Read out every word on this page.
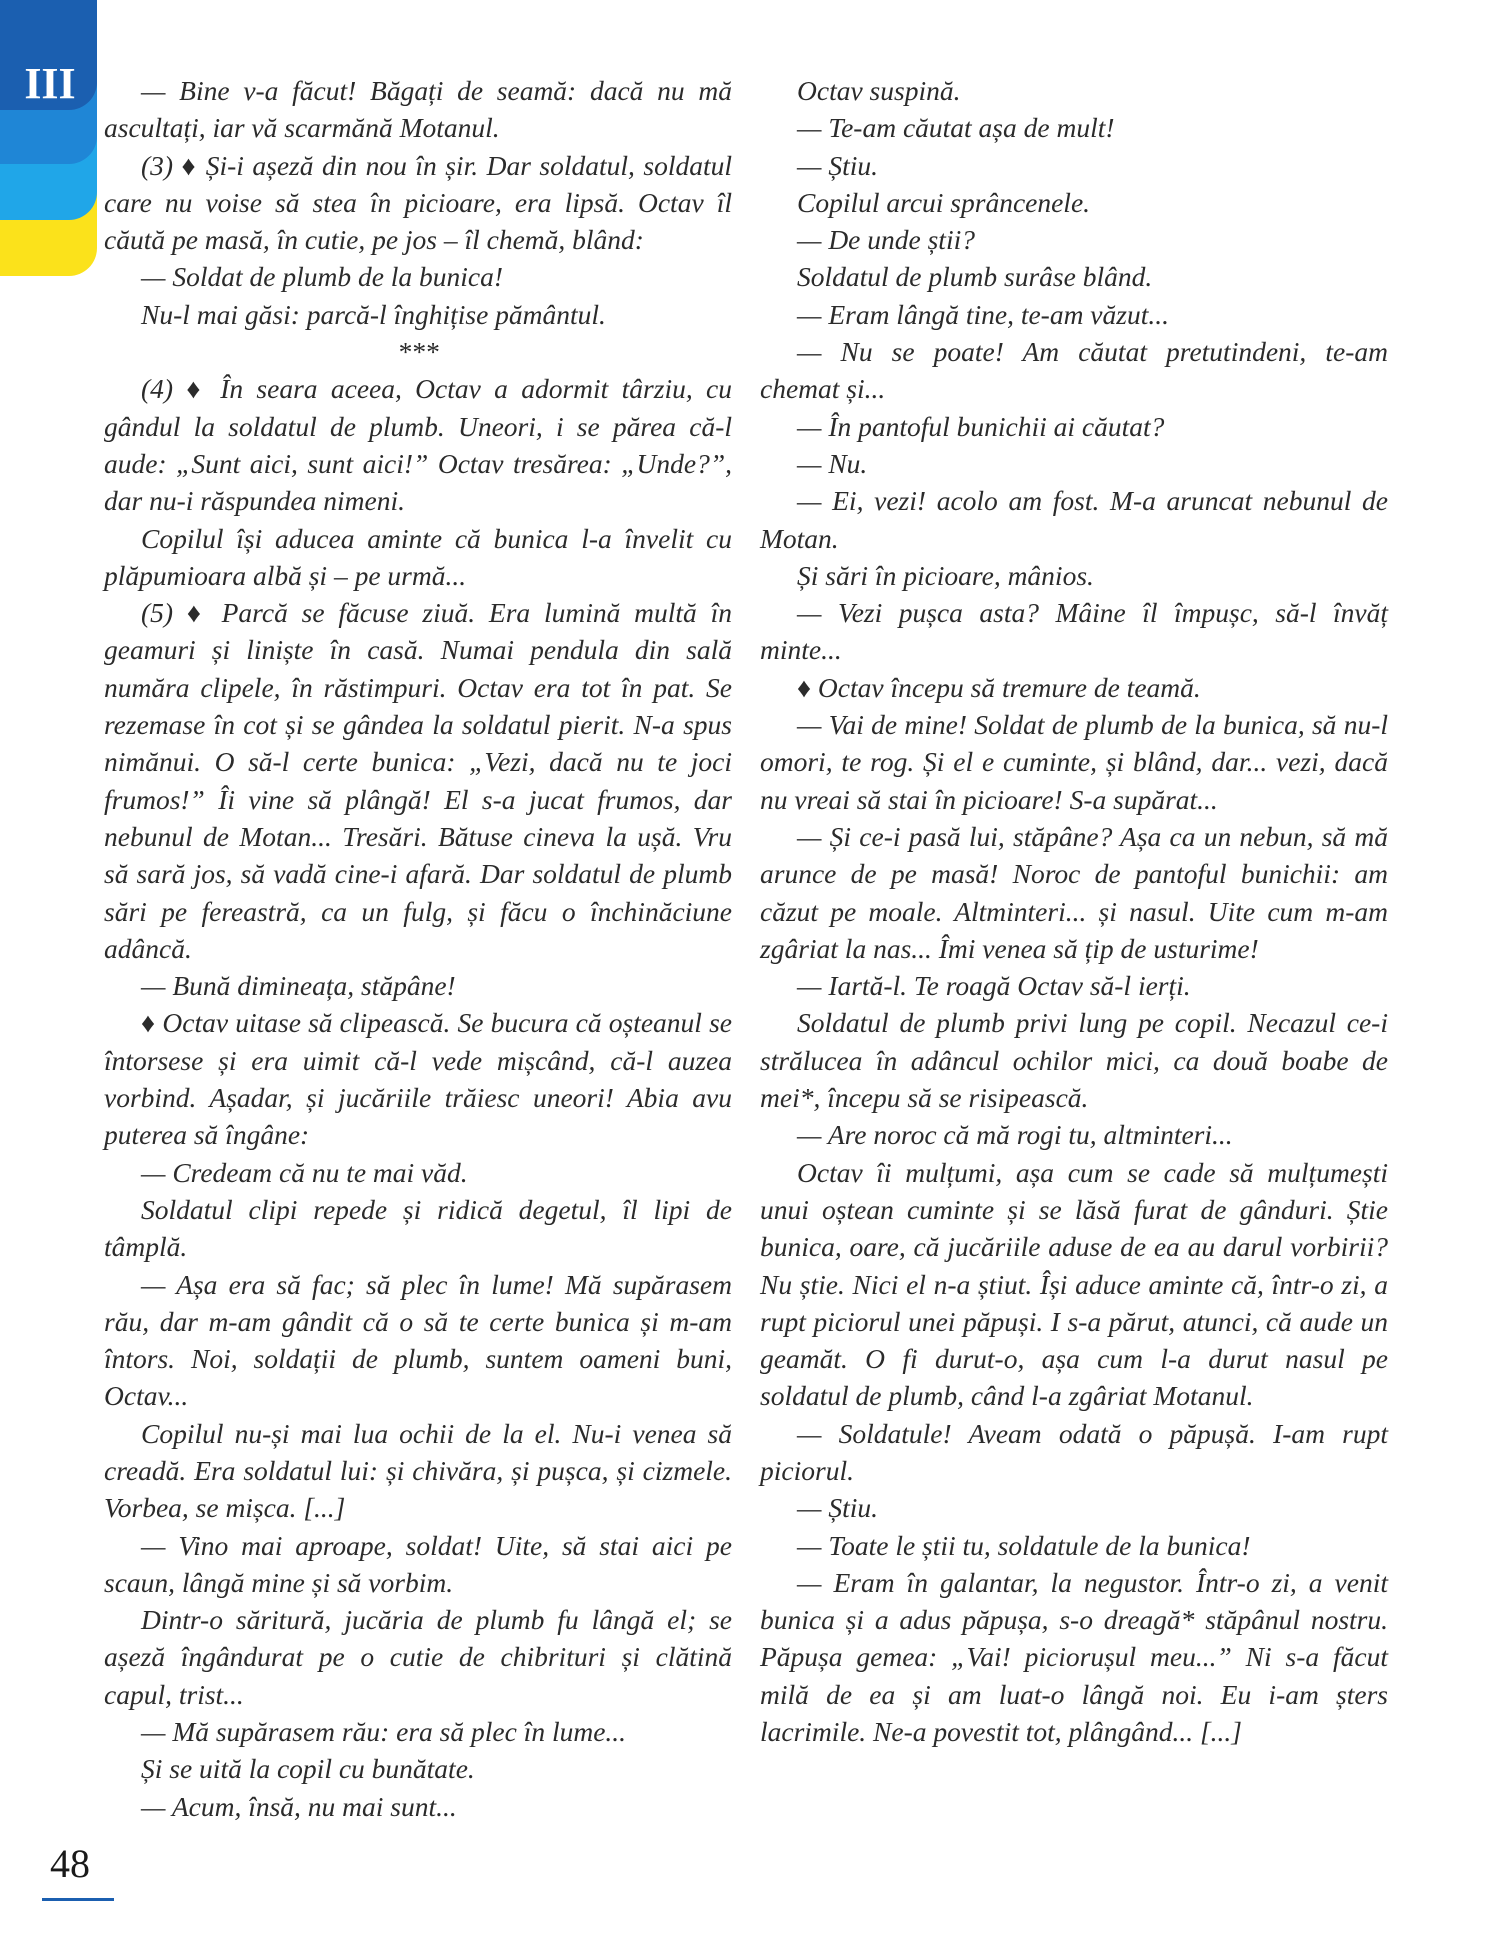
III	— Bine v-a făcut! Băgați de seamă: dacă nu mă ascultați, iar vă scarmănă Motanul.

(3) ♦ Și-i așeză din nou în șir. Dar soldatul, soldatul care nu voise să stea în picioare, era lipsă. Octav îl căută pe masă, în cutie, pe jos – îl chemă, blând:

— Soldat de plumb de la bunica!

Nu-l mai găsi: parcă-l înghițise pământul.

***

(4) ♦ În seara aceea, Octav a adormit târziu, cu gândul la soldatul de plumb. Uneori, i se părea că-l aude: „Sunt aici, sunt aici!” Octav tresărea: „Unde?”, dar nu-i răspundea nimeni.

Copilul își aducea aminte că bunica l-a învelit cu plăpumioara albă și – pe urmă...

(5) ♦ Parcă se făcuse ziuă. Era lumină multă în geamuri și liniște în casă. Numai pendula din sală număra clipele, în răstimpuri. Octav era tot în pat. Se rezemase în cot și se gândea la soldatul pierit. N-a spus nimănui. O să-l certe bunica: „Vezi, dacă nu te joci frumos!” Îi vine să plângă! El s-a jucat frumos, dar nebunul de Motan... Tresări. Bătuse cineva la ușă. Vru să sară jos, să vadă cine-i afară. Dar soldatul de plumb sări pe fereastră, ca un fulg, și făcu o închinăciune adâncă.

— Bună dimineața, stăpâne!

♦ Octav uitase să clipească. Se bucura că oșteanul se întorsese și era uimit că-l vede mișcând, că-l auzea vorbind. Așadar, și jucăriile trăiesc uneori! Abia avu puterea să îngâne:

— Credeam că nu te mai văd.

Soldatul clipi repede și ridică degetul, îl lipi de tâmplă.

— Așa era să fac; să plec în lume! Mă supărasem rău, dar m-am gândit că o să te certe bunica și m-am întors. Noi, soldații de plumb, suntem oameni buni, Octav...

Copilul nu-și mai lua ochii de la el. Nu-i venea să creadă. Era soldatul lui: și chivăra, și pușca, și cizmele. Vorbea, se mișca. [...]

— Vino mai aproape, soldat! Uite, să stai aici pe scaun, lângă mine și să vorbim.

Dintr-o săritură, jucăria de plumb fu lângă el; se așeză îngândurat pe o cutie de chibrituri și clătină capul, trist...

— Mă supărasem rău: era să plec în lume...

Și se uită la copil cu bunătate.

— Acum, însă, nu mai sunt...

Octav suspină.

— Te-am căutat așa de mult!

— Știu.

Copilul arcui sprâncenele.

— De unde știi?

Soldatul de plumb surâse blând.

— Eram lângă tine, te-am văzut...

— Nu se poate! Am căutat pretutindeni, te-am chemat și...

— În pantoful bunichii ai căutat?

— Nu.

— Ei, vezi! acolo am fost. M-a aruncat nebunul de Motan.

Și sări în picioare, mânios.

— Vezi pușca asta? Mâine îl împușc, să-l învăț minte...

♦ Octav începu să tremure de teamă.

— Vai de mine! Soldat de plumb de la bunica, să nu-l omori, te rog. Și el e cuminte, și blând, dar... vezi, dacă nu vreai să stai în picioare! S-a supărat...

— Și ce-i pasă lui, stăpâne? Așa ca un nebun, să mă arunce de pe masă! Noroc de pantoful bunichii: am căzut pe moale. Altminteri... și nasul. Uite cum m-am zgâriat la nas... Îmi venea să țip de usturime!

— Iartă-l. Te roagă Octav să-l ierți.

Soldatul de plumb privi lung pe copil. Necazul ce-i strălucea în adâncul ochilor mici, ca două boabe de mei*, începu să se risipească.

— Are noroc că mă rogi tu, altminteri...

Octav îi mulțumi, așa cum se cade să mulțumești unui oștean cuminte și se lăsă furat de gânduri. Știe bunica, oare, că jucăriile aduse de ea au darul vorbirii? Nu știe. Nici el n-a știut. Își aduce aminte că, într-o zi, a rupt piciorul unei păpuși. I s-a părut, atunci, că aude un geamăt. O fi durut-o, așa cum l-a durut nasul pe soldatul de plumb, când l-a zgâriat Motanul.

— Soldatule! Aveam odată o păpușă. I-am rupt piciorul.

— Știu.

— Toate le știi tu, soldatule de la bunica!

— Eram în galantar, la negustor. Într-o zi, a venit bunica și a adus păpușa, s-o dreagă* stăpânul nostru. Păpușa gemea: „Vai! piciorușul meu...” Ni s-a făcut milă de ea și am luat-o lângă noi. Eu i-am șters lacrimile. Ne-a povestit tot, plângând... [...]

48
